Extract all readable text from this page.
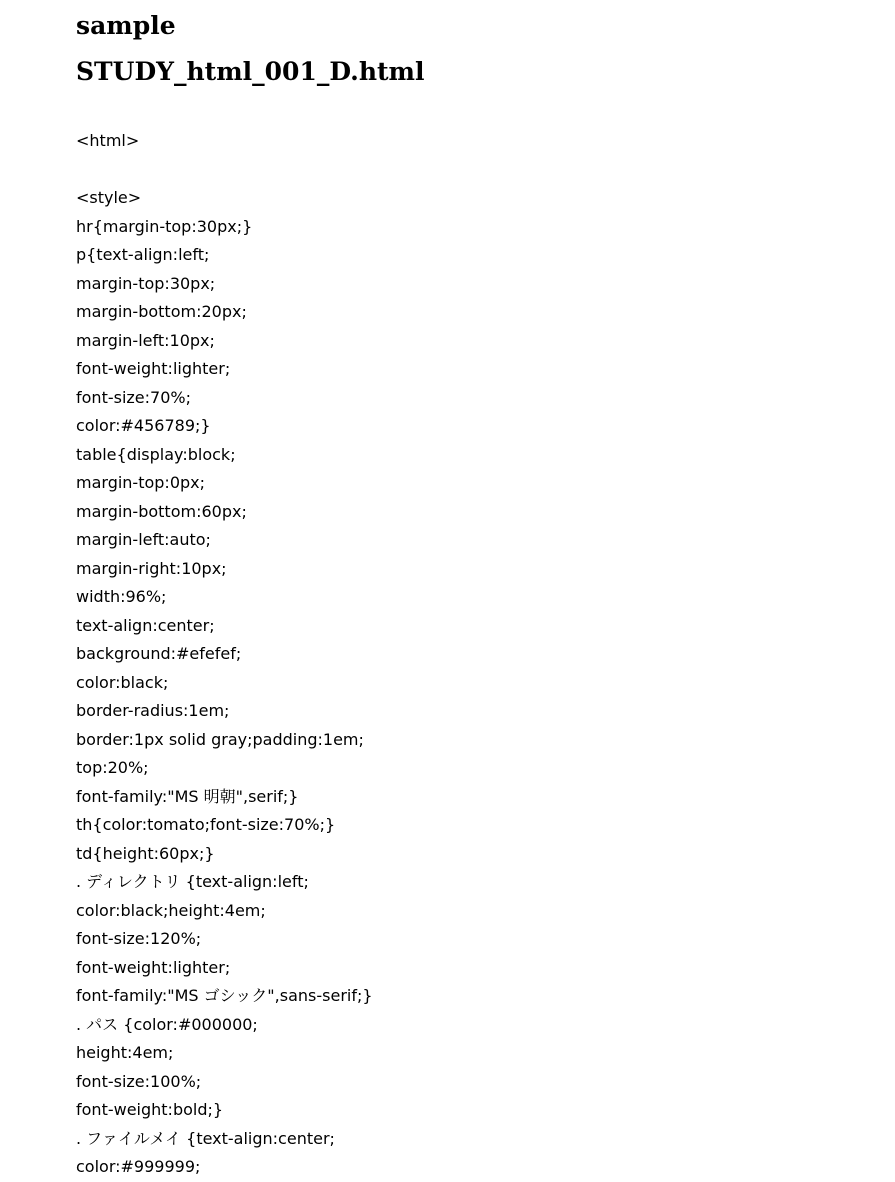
sample
STUDY_html_001_D.html
<html>
<style>
hr{margin-top:30px;}
p{text-align:left;
margin-top:30px;
margin-bottom:20px;
margin-left:10px;
font-weight:lighter;
font-size:70%;
color:#456789;}
table{display:block;
margin-top:0px;
margin-bottom:60px;
margin-left:auto;
margin-right:10px;
width:96%;
text-align:center;
background:#efefef;
color:black;
border-radius:1em;
border:1px solid gray;padding:1em;
top:20%;
font-family:"MS 明朝",serif;}
th{color:tomato;font-size:70%;}
td{height:60px;}
. ディレクトリ {text-align:left;
color:black;height:4em;
font-size:120%;
font-weight:lighter;
font-family:"MS ゴシック",sans-serif;}
. パス {color:#000000;
height:4em;
font-size:100%;
font-weight:bold;}
. ファイルメイ {text-align:center;
color:#999999;
